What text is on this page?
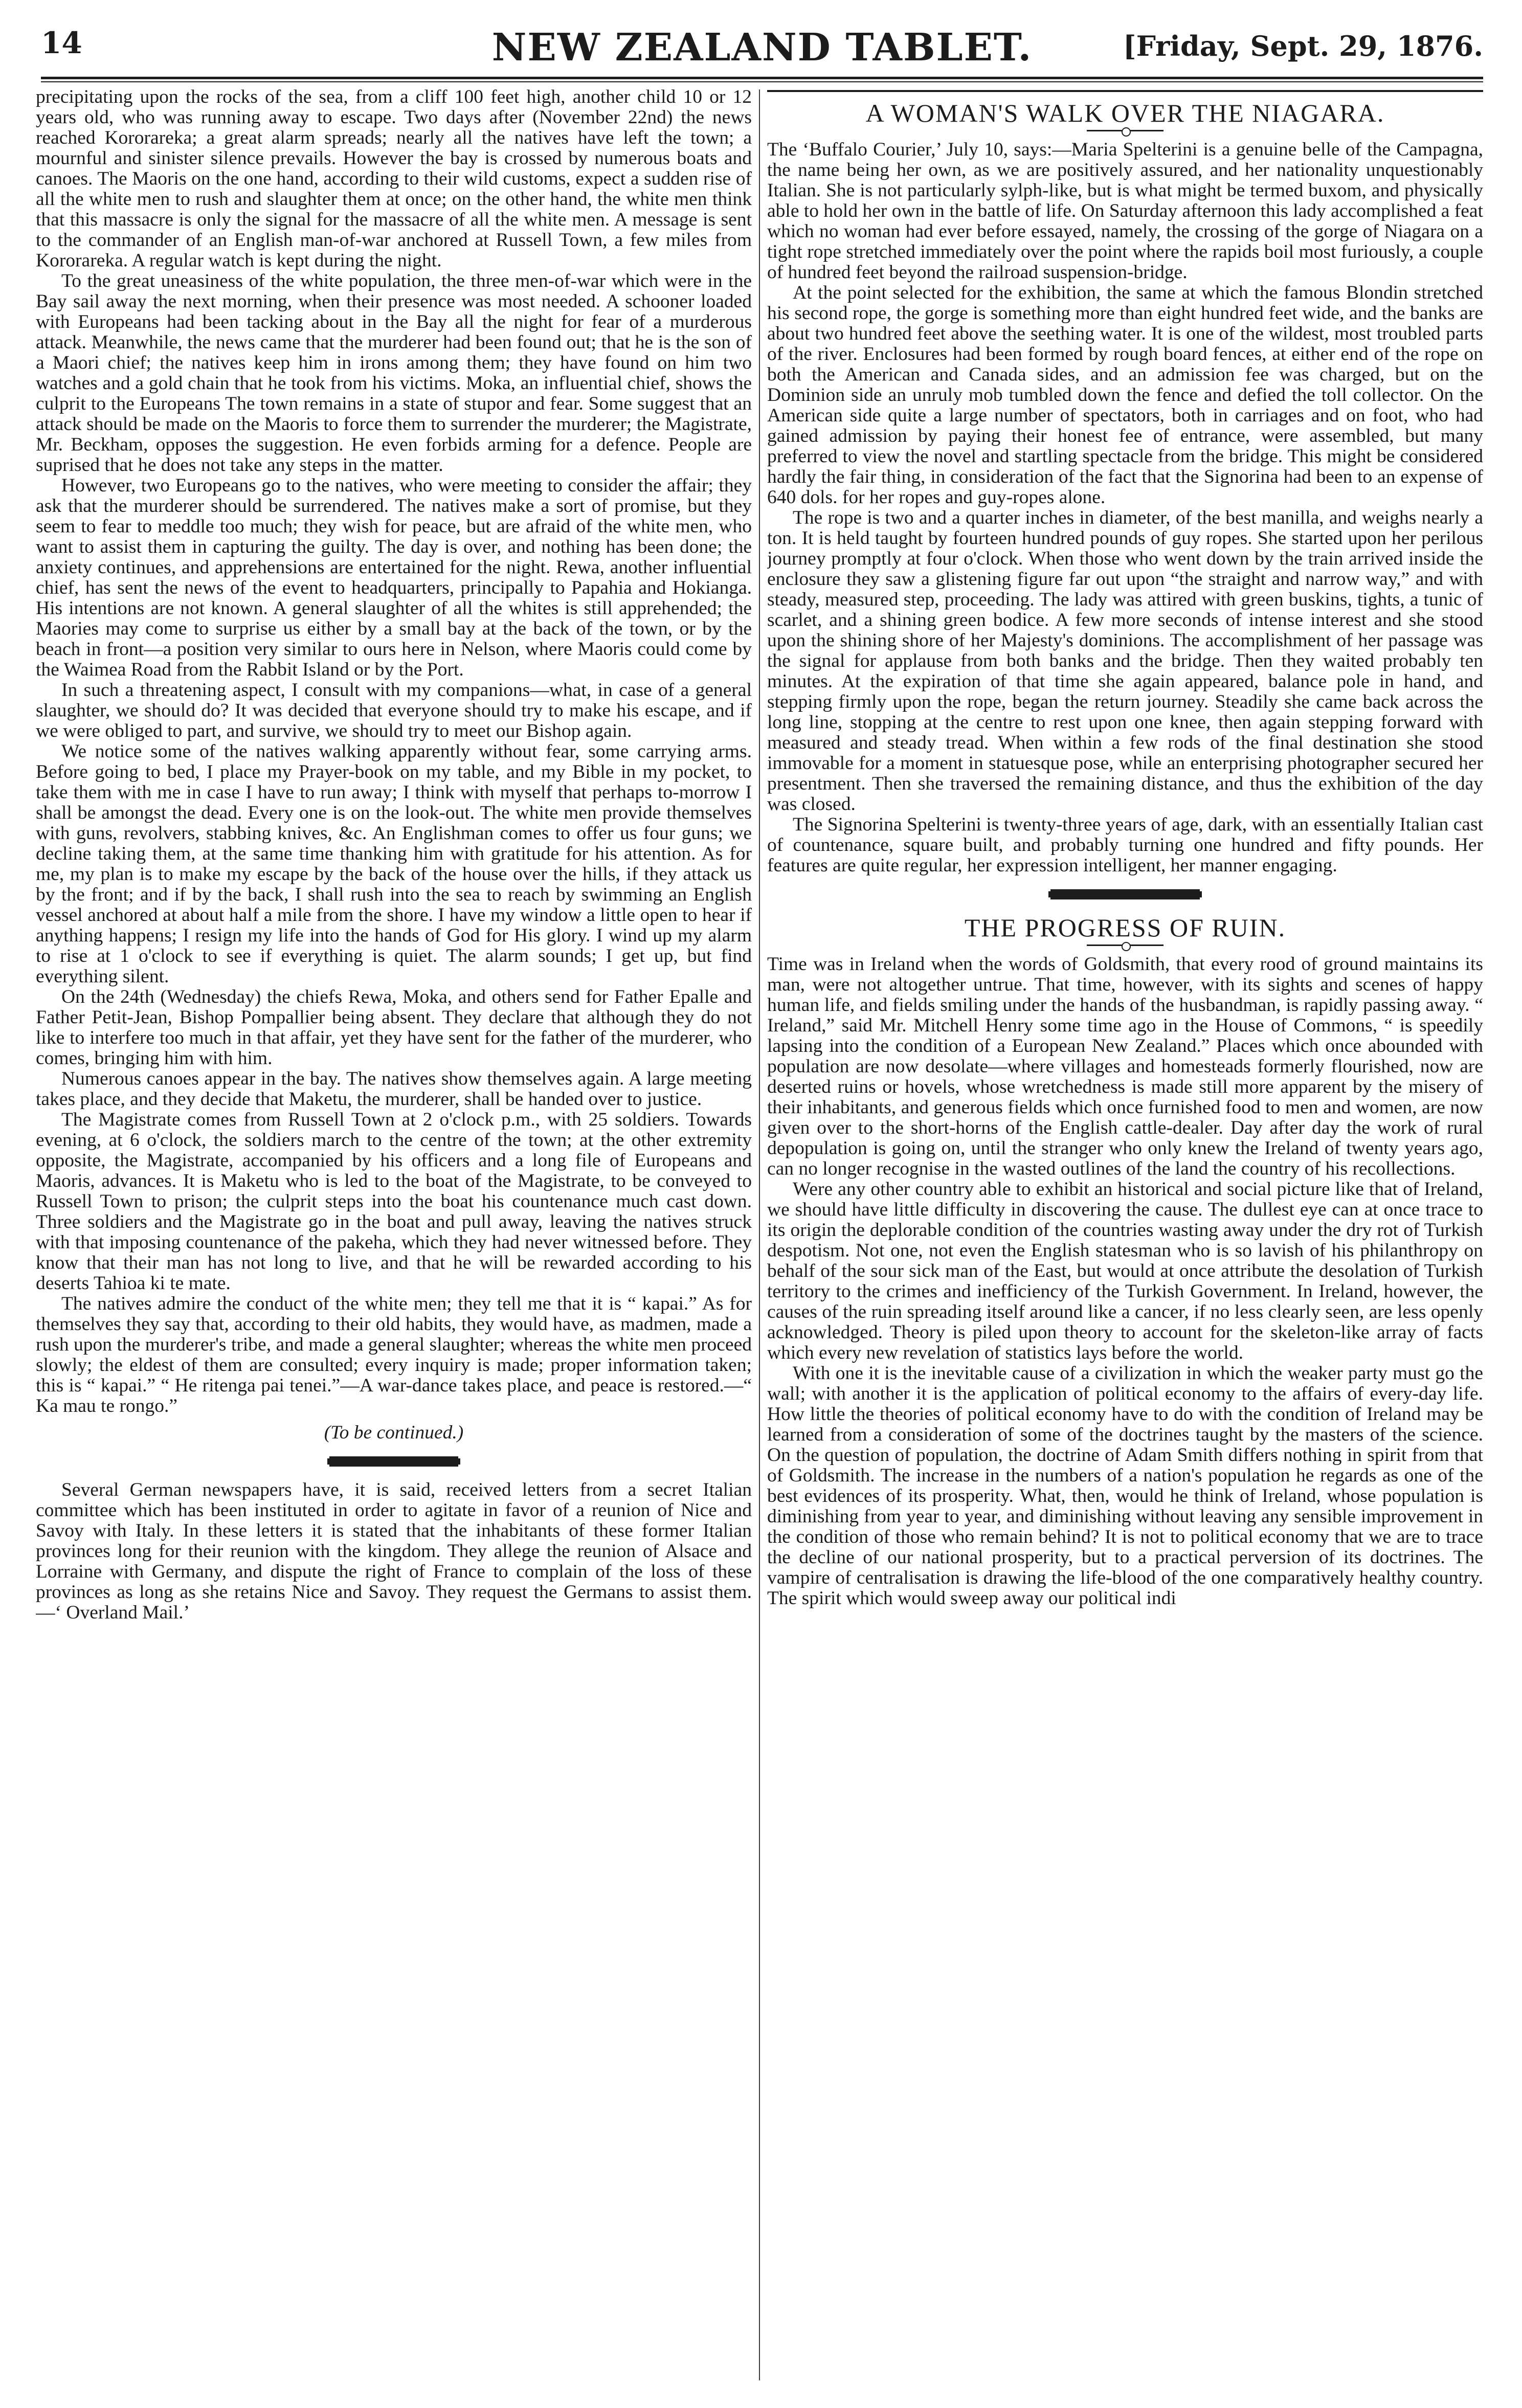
14	NEW ZEALAND TABLET.	[Friday, Sept. 29, 1876.

precipitating upon the rocks of the sea, from a cliff 100 feet high, another child 10 or 12 years old, who was running away to escape. Two days after (November 22nd) the news reached Kororareka; a great alarm spreads; nearly all the natives have left the town; a mournful and sinister silence prevails. However the bay is crossed by numerous boats and canoes. The Maoris on the one hand, according to their wild customs, expect a sudden rise of all the white men to rush and slaughter them at once; on the other hand, the white men think that this massacre is only the signal for the massacre of all the white men. A message is sent to the commander of an English man-of-war anchored at Russell Town, a few miles from Kororareka. A regular watch is kept during the night.

To the great uneasiness of the white population, the three men-of-war which were in the Bay sail away the next morning, when their presence was most needed. A schooner loaded with Europeans had been tacking about in the Bay all the night for fear of a murderous attack. Meanwhile, the news came that the murderer had been found out; that he is the son of a Maori chief; the natives keep him in irons among them; they have found on him two watches and a gold chain that he took from his victims. Moka, an influential chief, shows the culprit to the Europeans The town remains in a state of stupor and fear. Some suggest that an attack should be made on the Maoris to force them to surrender the murderer; the Magistrate, Mr. Beckham, opposes the suggestion. He even forbids arming for a defence. People are suprised that he does not take any steps in the matter.

However, two Europeans go to the natives, who were meeting to consider the affair; they ask that the murderer should be surrendered. The natives make a sort of promise, but they seem to fear to meddle too much; they wish for peace, but are afraid of the white men, who want to assist them in capturing the guilty. The day is over, and nothing has been done; the anxiety continues, and apprehensions are entertained for the night. Rewa, another influential chief, has sent the news of the event to headquarters, principally to Papahia and Hokianga. His intentions are not known. A general slaughter of all the whites is still apprehended; the Maories may come to surprise us either by a small bay at the back of the town, or by the beach in front—a position very similar to ours here in Nelson, where Maoris could come by the Waimea Road from the Rabbit Island or by the Port.

In such a threatening aspect, I consult with my companions—what, in case of a general slaughter, we should do? It was decided that everyone should try to make his escape, and if we were obliged to part, and survive, we should try to meet our Bishop again.

We notice some of the natives walking apparently without fear, some carrying arms. Before going to bed, I place my Prayer-book on my table, and my Bible in my pocket, to take them with me in case I have to run away; I think with myself that perhaps to-morrow I shall be amongst the dead. Every one is on the look-out. The white men provide themselves with guns, revolvers, stabbing knives, &c. An Englishman comes to offer us four guns; we decline taking them, at the same time thanking him with gratitude for his attention. As for me, my plan is to make my escape by the back of the house over the hills, if they attack us by the front; and if by the back, I shall rush into the sea to reach by swimming an English vessel anchored at about half a mile from the shore. I have my window a little open to hear if anything happens; I resign my life into the hands of God for His glory. I wind up my alarm to rise at 1 o'clock to see if everything is quiet. The alarm sounds; I get up, but find everything silent.

On the 24th (Wednesday) the chiefs Rewa, Moka, and others send for Father Epalle and Father Petit-Jean, Bishop Pompallier being absent. They declare that although they do not like to interfere too much in that affair, yet they have sent for the father of the murderer, who comes, bringing him with him.

Numerous canoes appear in the bay. The natives show themselves again. A large meeting takes place, and they decide that Maketu, the murderer, shall be handed over to justice.

The Magistrate comes from Russell Town at 2 o'clock p.m., with 25 soldiers. Towards evening, at 6 o'clock, the soldiers march to the centre of the town; at the other extremity opposite, the Magistrate, accompanied by his officers and a long file of Europeans and Maoris, advances. It is Maketu who is led to the boat of the Magistrate, to be conveyed to Russell Town to prison; the culprit steps into the boat his countenance much cast down. Three soldiers and the Magistrate go in the boat and pull away, leaving the natives struck with that imposing countenance of the pakeha, which they had never witnessed before. They know that their man has not long to live, and that he will be rewarded according to his deserts Tahioa ki te mate.

The natives admire the conduct of the white men; they tell me that it is “ kapai.” As for themselves they say that, according to their old habits, they would have, as madmen, made a rush upon the murderer's tribe, and made a general slaughter; whereas the white men proceed slowly; the eldest of them are consulted; every inquiry is made; proper information taken; this is “ kapai.” “ He ritenga pai tenei.”—A war-dance takes place, and peace is restored.—“ Ka mau te rongo.”

(To be continued.)

Several German newspapers have, it is said, received letters from a secret Italian committee which has been instituted in order to agitate in favor of a reunion of Nice and Savoy with Italy. In these letters it is stated that the inhabitants of these former Italian provinces long for their reunion with the kingdom. They allege the reunion of Alsace and Lorraine with Germany, and dispute the right of France to complain of the loss of these provinces as long as she retains Nice and Savoy. They request the Germans to assist them.—‘ Overland Mail.’

A WOMAN'S WALK OVER THE NIAGARA.

The ‘Buffalo Courier,’ July 10, says:—Maria Spelterini is a genuine belle of the Campagna, the name being her own, as we are positively assured, and her nationality unquestionably Italian. She is not particularly sylph-like, but is what might be termed buxom, and physically able to hold her own in the battle of life. On Saturday afternoon this lady accomplished a feat which no woman had ever before essayed, namely, the crossing of the gorge of Niagara on a tight rope stretched immediately over the point where the rapids boil most furiously, a couple of hundred feet beyond the railroad suspension-bridge.

At the point selected for the exhibition, the same at which the famous Blondin stretched his second rope, the gorge is something more than eight hundred feet wide, and the banks are about two hundred feet above the seething water. It is one of the wildest, most troubled parts of the river. Enclosures had been formed by rough board fences, at either end of the rope on both the American and Canada sides, and an admission fee was charged, but on the Dominion side an unruly mob tumbled down the fence and defied the toll collector. On the American side quite a large number of spectators, both in carriages and on foot, who had gained admission by paying their honest fee of entrance, were assembled, but many preferred to view the novel and startling spectacle from the bridge. This might be considered hardly the fair thing, in consideration of the fact that the Signorina had been to an expense of 640 dols. for her ropes and guy-ropes alone.

The rope is two and a quarter inches in diameter, of the best manilla, and weighs nearly a ton. It is held taught by fourteen hundred pounds of guy ropes. She started upon her perilous journey promptly at four o'clock. When those who went down by the train arrived inside the enclosure they saw a glistening figure far out upon “the straight and narrow way,” and with steady, measured step, proceeding. The lady was attired with green buskins, tights, a tunic of scarlet, and a shining green bodice. A few more seconds of intense interest and she stood upon the shining shore of her Majesty's dominions. The accomplishment of her passage was the signal for applause from both banks and the bridge. Then they waited probably ten minutes. At the expiration of that time she again appeared, balance pole in hand, and stepping firmly upon the rope, began the return journey. Steadily she came back across the long line, stopping at the centre to rest upon one knee, then again stepping forward with measured and steady tread. When within a few rods of the final destination she stood immovable for a moment in statuesque pose, while an enterprising photographer secured her presentment. Then she traversed the remaining distance, and thus the exhibition of the day was closed.

The Signorina Spelterini is twenty-three years of age, dark, with an essentially Italian cast of countenance, square built, and probably turning one hundred and fifty pounds. Her features are quite regular, her expression intelligent, her manner engaging.

THE PROGRESS OF RUIN.

Time was in Ireland when the words of Goldsmith, that every rood of ground maintains its man, were not altogether untrue. That time, however, with its sights and scenes of happy human life, and fields smiling under the hands of the husbandman, is rapidly passing away. “ Ireland,” said Mr. Mitchell Henry some time ago in the House of Commons, “ is speedily lapsing into the condition of a European New Zealand.” Places which once abounded with population are now desolate—where villages and homesteads formerly flourished, now are deserted ruins or hovels, whose wretchedness is made still more apparent by the misery of their inhabitants, and generous fields which once furnished food to men and women, are now given over to the short-horns of the English cattle-dealer. Day after day the work of rural depopulation is going on, until the stranger who only knew the Ireland of twenty years ago, can no longer recognise in the wasted outlines of the land the country of his recollections.

Were any other country able to exhibit an historical and social picture like that of Ireland, we should have little difficulty in discovering the cause. The dullest eye can at once trace to its origin the deplorable condition of the countries wasting away under the dry rot of Turkish despotism. Not one, not even the English statesman who is so lavish of his philanthropy on behalf of the sour sick man of the East, but would at once attribute the desolation of Turkish territory to the crimes and inefficiency of the Turkish Government. In Ireland, however, the causes of the ruin spreading itself around like a cancer, if no less clearly seen, are less openly acknowledged. Theory is piled upon theory to account for the skeleton-like array of facts which every new revelation of statistics lays before the world.

With one it is the inevitable cause of a civilization in which the weaker party must go the wall; with another it is the application of political economy to the affairs of every-day life. How little the theories of political economy have to do with the condition of Ireland may be learned from a consideration of some of the doctrines taught by the masters of the science. On the question of population, the doctrine of Adam Smith differs nothing in spirit from that of Goldsmith. The increase in the numbers of a nation's population he regards as one of the best evidences of its prosperity. What, then, would he think of Ireland, whose population is diminishing from year to year, and diminishing without leaving any sensible improvement in the condition of those who remain behind? It is not to political economy that we are to trace the decline of our national prosperity, but to a practical perversion of its doctrines. The vampire of centralisation is drawing the life-blood of the one comparatively healthy country. The spirit which would sweep away our political indi
